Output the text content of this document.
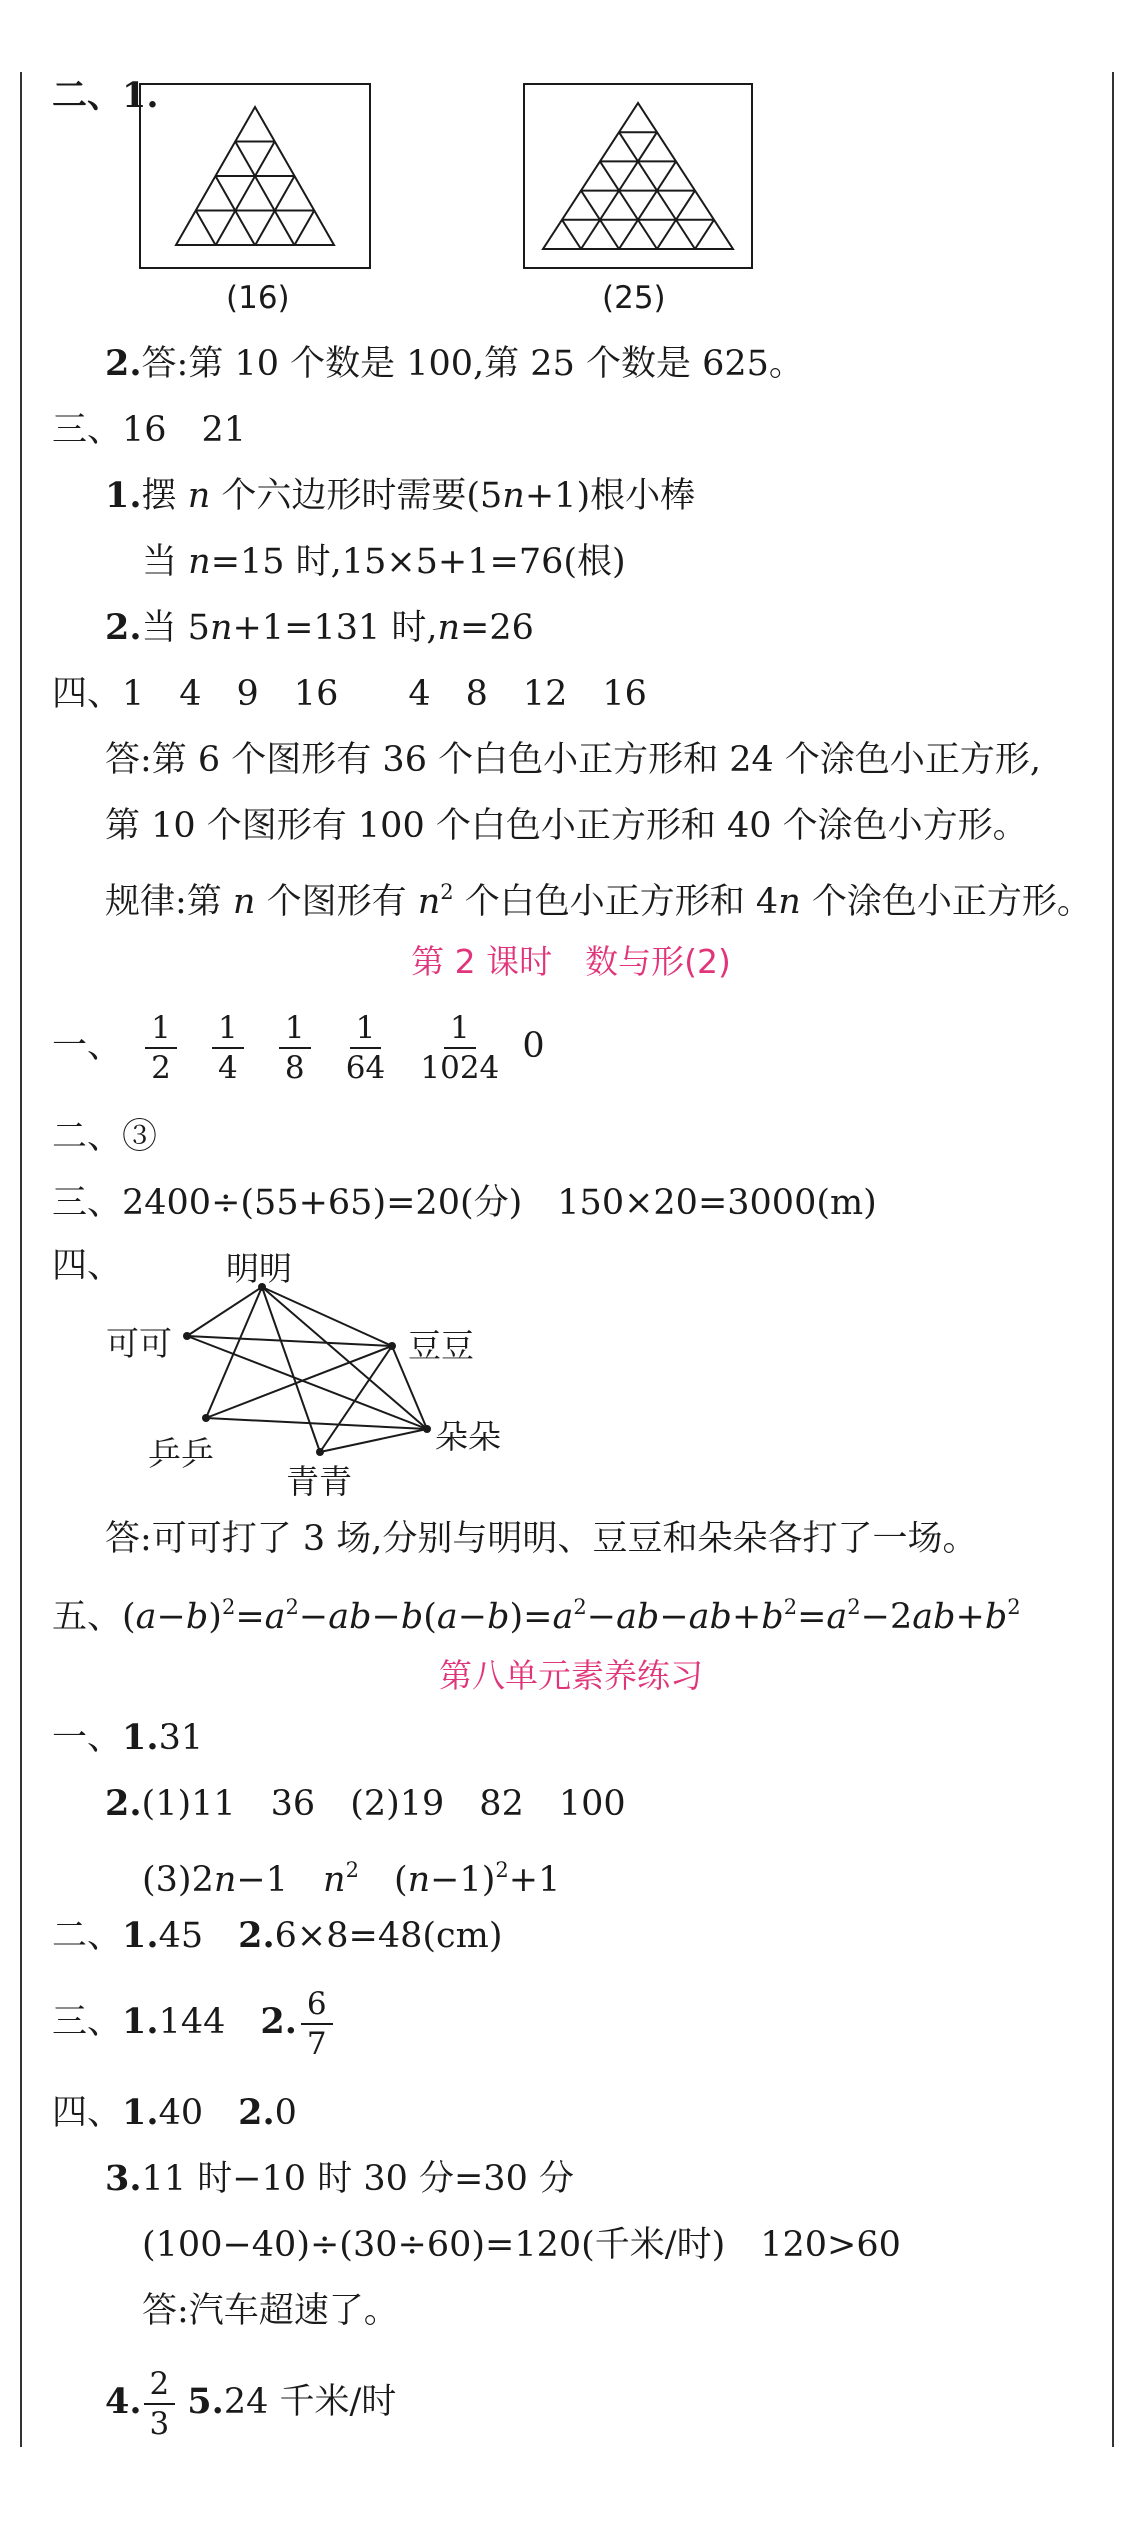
二、1.
(16)	(25)
2.答:第 10 个数是 100,第 25 个数是 625。
三、16　21
1.摆 n 个六边形时需要(5n+1)根小棒
当 n=15 时,15×5+1=76(根)
2.当 5n+1=131 时,n=26
四、1　4　9　16　　4　8　12　16
答:第 6 个图形有 36 个白色小正方形和 24 个涂色小正方形,
第 10 个图形有 100 个白色小正方形和 40 个涂色小方形。
规律:第 n 个图形有 $n^2$ 个白色小正方形和 4n 个涂色小正方形。
第 2 课时　数与形(2)
一、 $\frac{1}{2}$
$\frac{1}{4}$
$\frac{1}{8}$
$\frac{1}{64}$
$\frac{1}{1024} 0$
二、③
三、2400÷(55+65)=20(分)　150×20=3000(m)
四、	明明
可可	豆豆
乒乒	朵朵
青青
答:可可打了 3 场,分别与明明、豆豆和朵朵各打了一场。
五、$(a-b)^2=a^2-ab-b(a-b)=a^2-ab-ab+b^2=a^2-2ab+b^2$
第八单元素养练习
一、1.31
2.(1)11　36　(2)19　82　100
(3)2n−1　$n^2$　$(n-1)^2+1$
二、1.45　2.6×8=48(cm)
三、1.144　2. $\frac{6}{7}$
四、1.40　2.0
3.11 时−10 时 30 分=30 分
(100−40)÷(30÷60)=120(千米/时)　120>60
答:汽车超速了。
4. $\frac{2}{3} 5.24$ 千米/时
